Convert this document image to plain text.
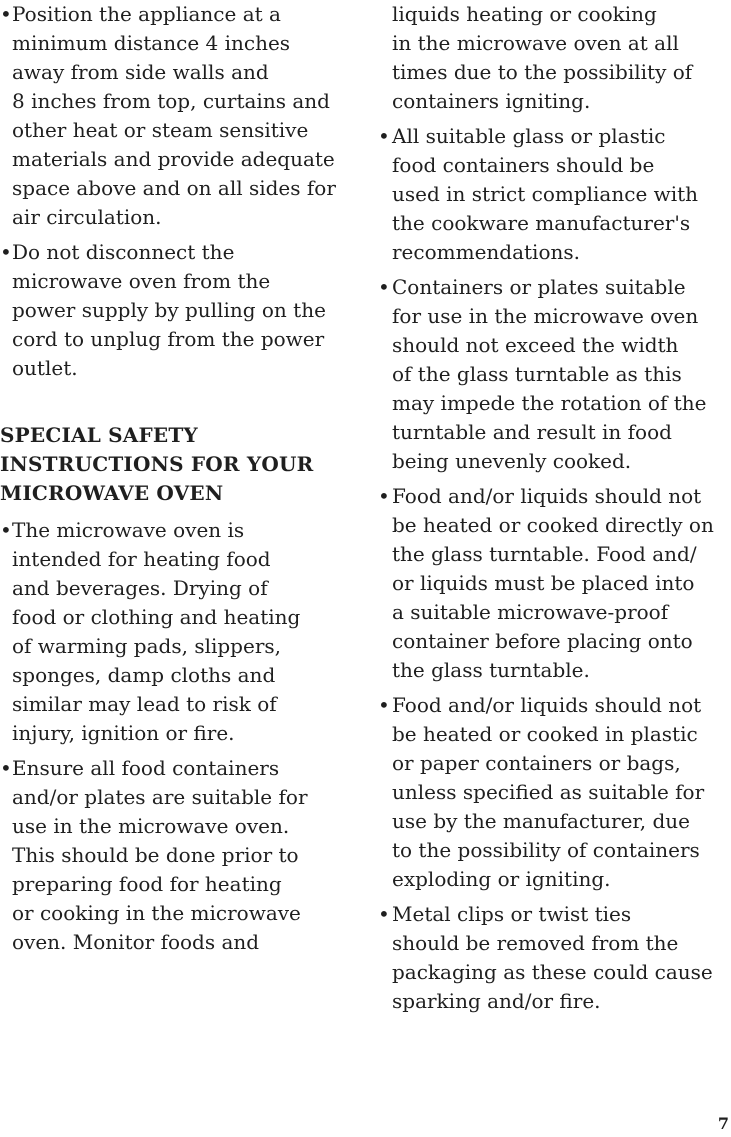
• Position the appliance at a
minimum distance 4 inches
away from side walls and
8 inches from top, curtains and
other heat or steam sensitive
materials and provide adequate
space above and on all sides for
air circulation.
• Do not disconnect the
microwave oven from the
power supply by pulling on the
cord to unplug from the power
outlet.
SPECIAL SAFETY
INSTRUCTIONS FOR YOUR
MICROWAVE OVEN
• The microwave oven is
intended for heating food
and beverages. Drying of
food or clothing and heating
of warming pads, slippers,
sponges, damp cloths and
similar may lead to risk of
injury, ignition or fire.
• Ensure all food containers
and/or plates are suitable for
use in the microwave oven.
This should be done prior to
preparing food for heating
or cooking in the microwave
oven. Monitor foods and
liquids heating or cooking
in the microwave oven at all
times due to the possibility of
containers igniting.
• All suitable glass or plastic
food containers should be
used in strict compliance with
the cookware manufacturer's
recommendations.
• Containers or plates suitable
for use in the microwave oven
should not exceed the width
of the glass turntable as this
may impede the rotation of the
turntable and result in food
being unevenly cooked.
• Food and/or liquids should not
be heated or cooked directly on
the glass turntable. Food and/
or liquids must be placed into
a suitable microwave-proof
container before placing onto
the glass turntable.
• Food and/or liquids should not
be heated or cooked in plastic
or paper containers or bags,
unless specified as suitable for
use by the manufacturer, due
to the possibility of containers
exploding or igniting.
• Metal clips or twist ties
should be removed from the
packaging as these could cause
sparking and/or fire.
7
